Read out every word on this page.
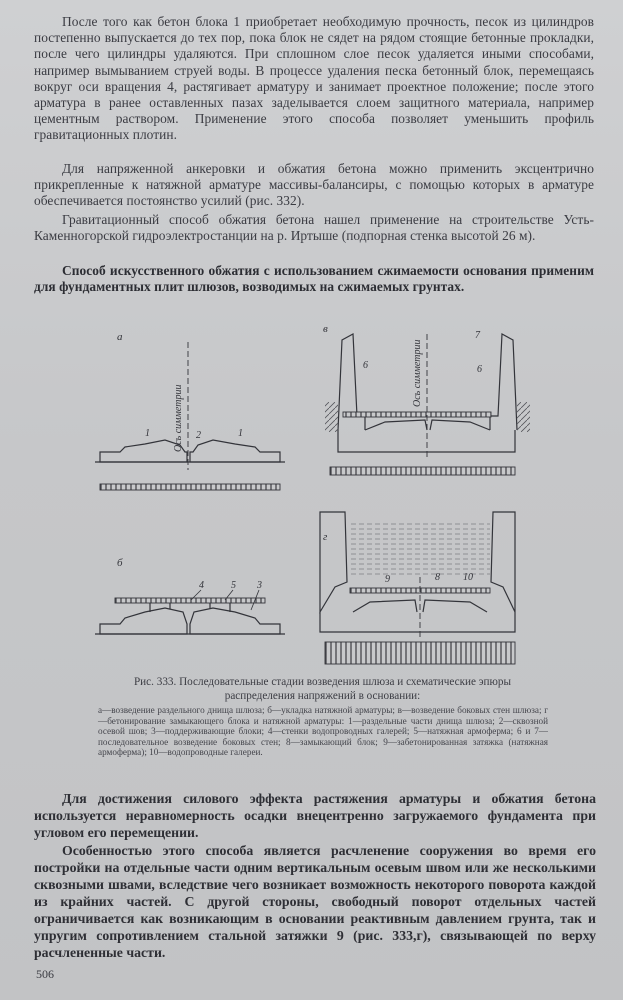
После того как бетон блока 1 приобретает необходимую прочность, песок из цилиндров постепенно выпускается до тех пор, пока блок не сядет на рядом стоящие бетонные прокладки, после чего цилиндры удаляются. При сплошном слое песок удаляется иными способами, например вымыванием струей воды. В процессе удаления песка бетонный блок, перемещаясь вокруг оси вращения 4, растягивает арматуру и занимает проектное положение; после этого арматура в ранее оставленных пазах заделывается слоем защитного материала, например цементным раствором. Применение этого способа позволяет уменьшить профиль гравитационных плотин.

Для напряженной анкеровки и обжатия бетона можно применить эксцентрично прикрепленные к натяжной арматуре массивы-балансиры, с помощью которых в арматуре обеспечивается постоянство усилий (рис. 332).

Гравитационный способ обжатия бетона нашел применение на строительстве Усть-Каменногорской гидроэлектростанции на р. Иртыше (подпорная стенка высотой 26 м).

Способ искусственного обжатия с использованием сжимаемости основания применим для фундаментных плит шлюзов, возводимых на сжимаемых грунтах.

а
Ось симметрии
1	2	1
б
4	5 3
в
Ось симметрии
6	6
7
г
9	8 10

Рис. 333. Последовательные стадии возведения шлюза и схематические эпюры распределения напряжений в основании:

а—возведение раздельного днища шлюза; б—укладка натяжной арматуры; в—возведение боковых стен шлюза; г—бетонирование замыкающего блока и натяжной арматуры: 1—раздельные части днища шлюза; 2—сквозной осевой шов; 3—поддерживающие блоки; 4—стенки водопроводных галерей; 5—натяжная армоферма; 6 и 7—последовательное возведение боковых стен; 8—замыкающий блок; 9—забетонированная затяжка (натяжная армоферма); 10—водопроводные галереи.

Для достижения силового эффекта растяжения арматуры и обжатия бетона используется неравномерность осадки внецентренно загружаемого фундамента при угловом его перемещении.

Особенностью этого способа является расчленение сооружения во время его постройки на отдельные части одним вертикальным осевым швом или же несколькими сквозными швами, вследствие чего возникает возможность некоторого поворота каждой из крайних частей. С другой стороны, свободный поворот отдельных частей ограничивается как возникающим в основании реактивным давлением грунта, так и упругим сопротивлением стальной затяжки 9 (рис. 333,г), связывающей по верху расчлененные части.

506
